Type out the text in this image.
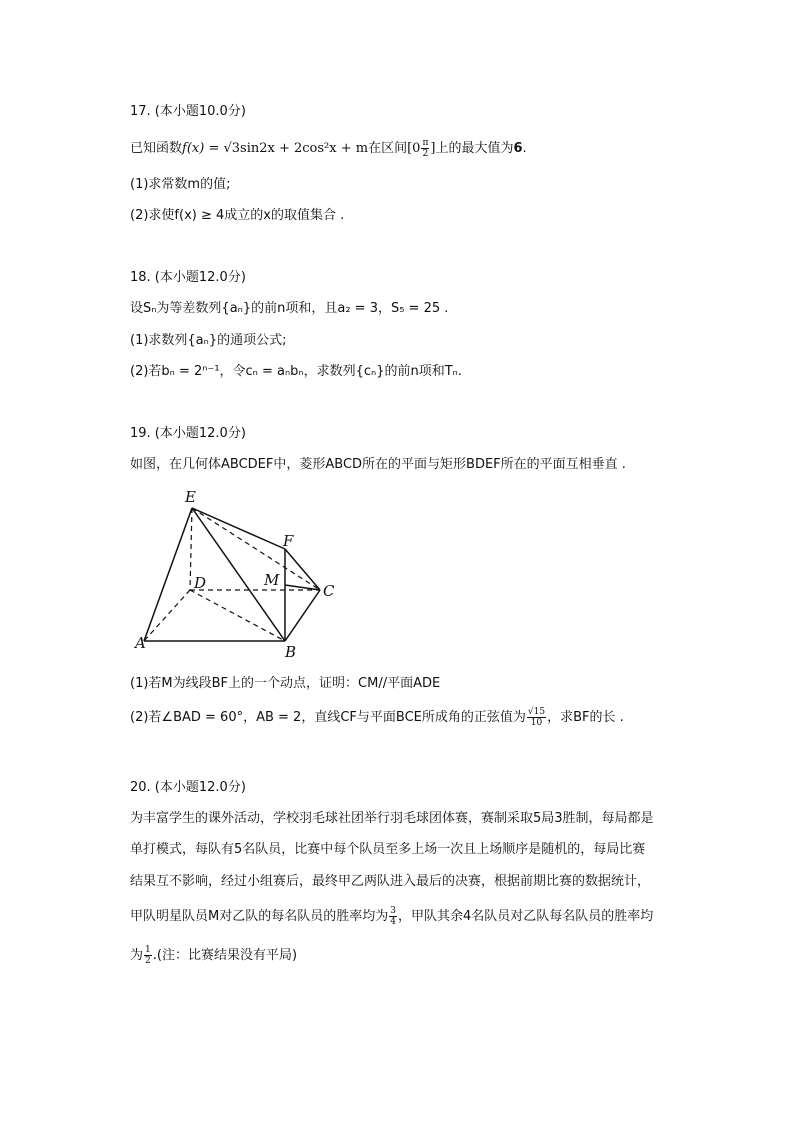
17. (本小题10.0分)
已知函数f(x) = √3sin2x + 2cos²x + m在区间[$0 \frac{\pi}{2}$ ]上的最大值为6.
(1)求常数m的值;
(2)求使f(x) ≥ 4成立的x的取值集合 .
18. (本小题12.0分)
设Sₙ为等差数列{aₙ}的前n项和，且a₂ = 3，S₅ = 25 .
(1)求数列{aₙ}的通项公式;
(2)若bₙ = 2ⁿ⁻¹，令cₙ = aₙbₙ，求数列{cₙ}的前n项和Tₙ.
19. (本小题12.0分)
如图，在几何体ABCDEF中，菱形ABCD所在的平面与矩形BDEF所在的平面互相垂直 .
E
F
D	M
C
A	B
(1)若M为线段BF上的一个动点，证明：CM//平面ADE
(2)若∠BAD = 60°，AB = 2，直线CF与平面BCE所成角的正弦值为 $\frac{√15}{10}$ ，求BF的长 .
20. (本小题12.0分)
为丰富学生的课外活动，学校羽毛球社团举行羽毛球团体赛，赛制采取5局3胜制，每局都是
单打模式，每队有5名队员，比赛中每个队员至多上场一次且上场顺序是随机的，每局比赛
结果互不影响，经过小组赛后，最终甲乙两队进入最后的决赛，根据前期比赛的数据统计，
甲队明星队员M对乙队的每名队员的胜率均为 $\frac{3}{4}$ ，甲队其余4名队员对乙队每名队员的胜率均
为 $\frac{1}{2}$ .(注：比赛结果没有平局)
